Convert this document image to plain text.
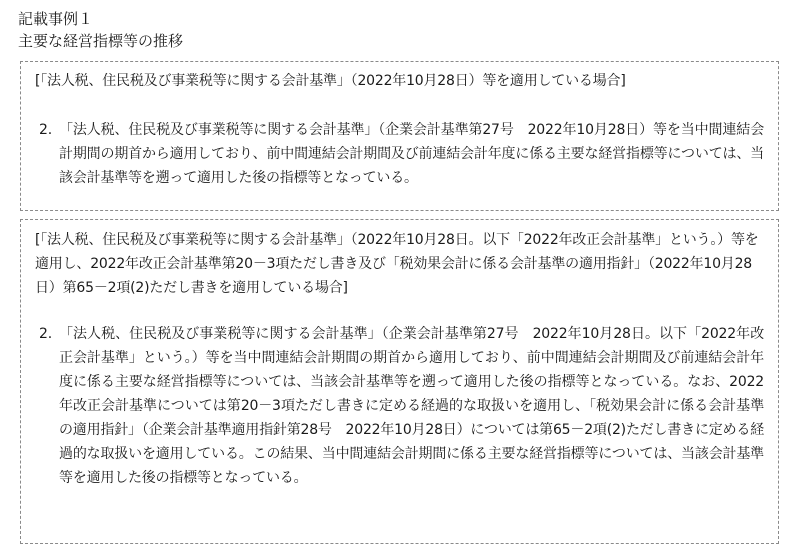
記載事例１
主要な経営指標等の推移
[「法人税、住民税及び事業税等に関する会計基準」（2022年10月28日）等を適用している場合]
2. 「法人税、住民税及び事業税等に関する会計基準」（企業会計基準第27号　2022年10月28日）等を当中間連結会計期間の期首から適用しており、前中間連結会計期間及び前連結会計年度に係る主要な経営指標等については、当該会計基準等を遡って適用した後の指標等となっている。
[「法人税、住民税及び事業税等に関する会計基準」（2022年10月28日。以下「2022年改正会計基準」という。）等を適用し、2022年改正会計基準第20－3項ただし書き及び「税効果会計に係る会計基準の適用指針」（2022年10月28日）第65－2項(2)ただし書きを適用している場合]
2. 「法人税、住民税及び事業税等に関する会計基準」（企業会計基準第27号　2022年10月28日。以下「2022年改正会計基準」という。）等を当中間連結会計期間の期首から適用しており、前中間連結会計期間及び前連結会計年度に係る主要な経営指標等については、当該会計基準等を遡って適用した後の指標等となっている。なお、2022年改正会計基準については第20－3項ただし書きに定める経過的な取扱いを適用し、「税効果会計に係る会計基準の適用指針」（企業会計基準適用指針第28号　2022年10月28日）については第65－2項(2)ただし書きに定める経過的な取扱いを適用している。この結果、当中間連結会計期間に係る主要な経営指標等については、当該会計基準等を適用した後の指標等となっている。
